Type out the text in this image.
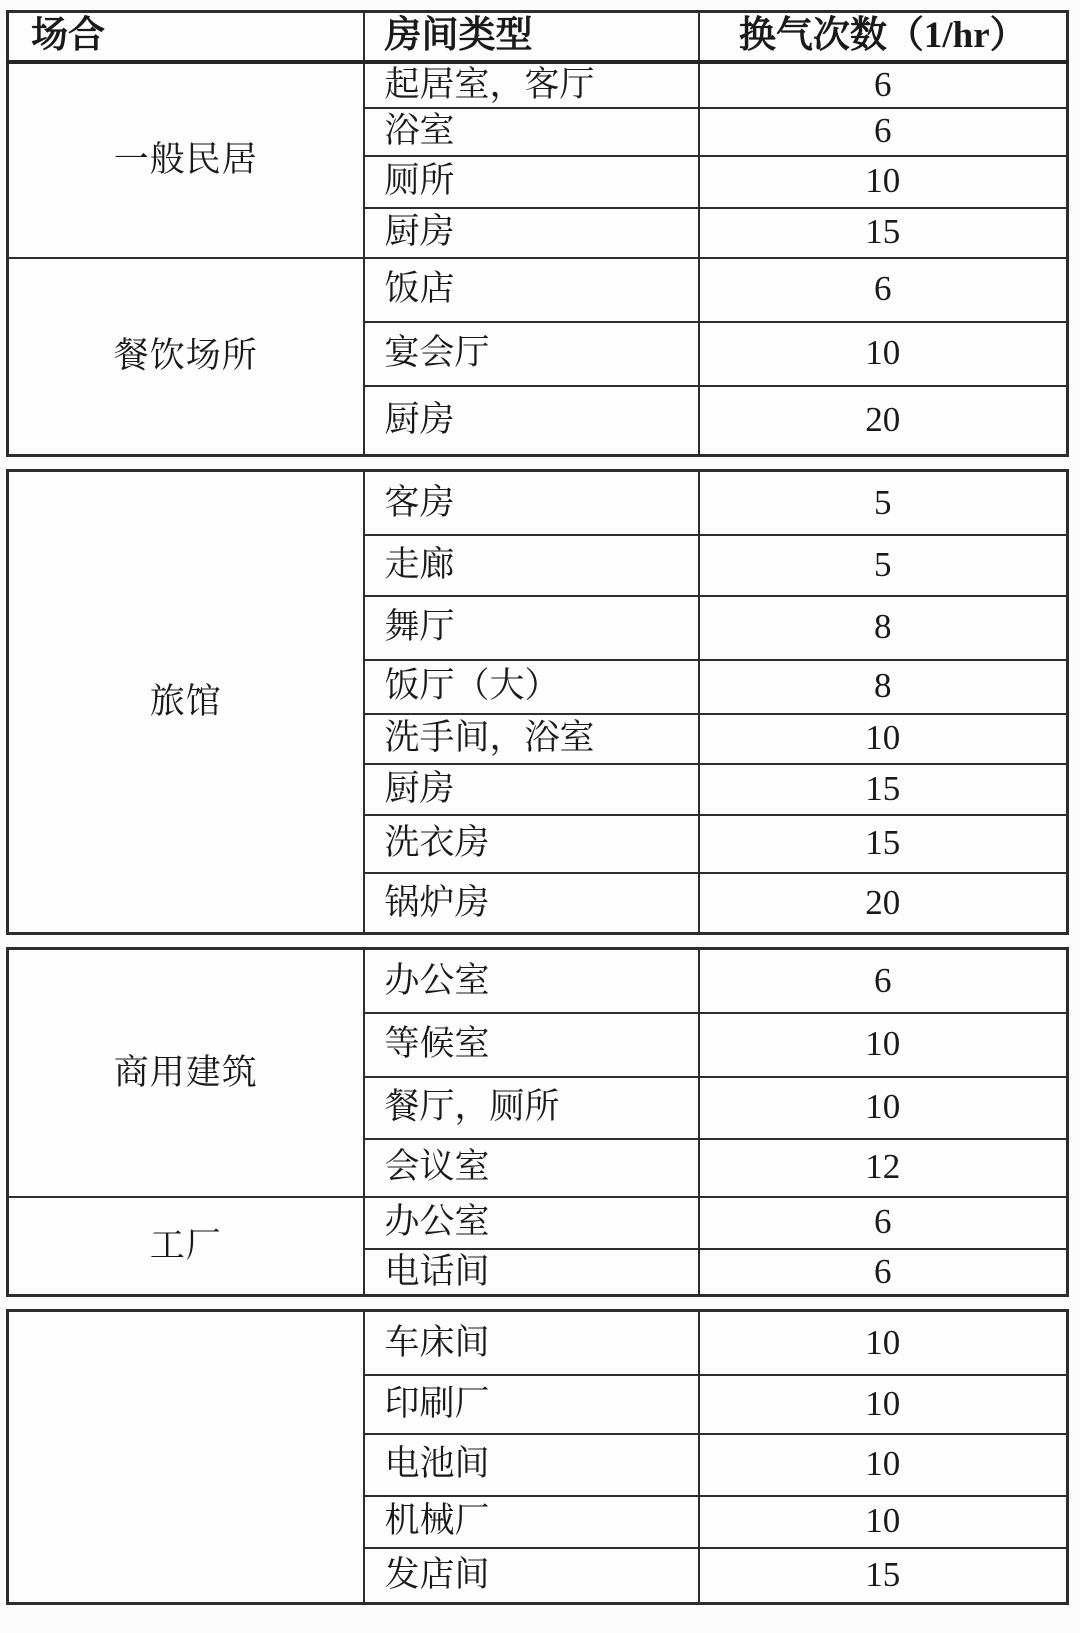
场合	房间类型	换气次数（1/hr）
一般民居	起居室，客厅	6
	浴室	6
	厕所	10
	厨房	15
餐饮场所	饭店	6
	宴会厅	10
	厨房	20
旅馆	客房	5
	走廊	5
	舞厅	8
	饭厅（大）	8
	洗手间，浴室	10
	厨房	15
	洗衣房	15
	锅炉房	20
商用建筑	办公室	6
	等候室	10
	餐厅，厕所	10
	会议室	12
工厂	办公室	6
	电话间	6
	车床间	10
	印刷厂	10
	电池间	10
	机械厂	10
	发店间	15
